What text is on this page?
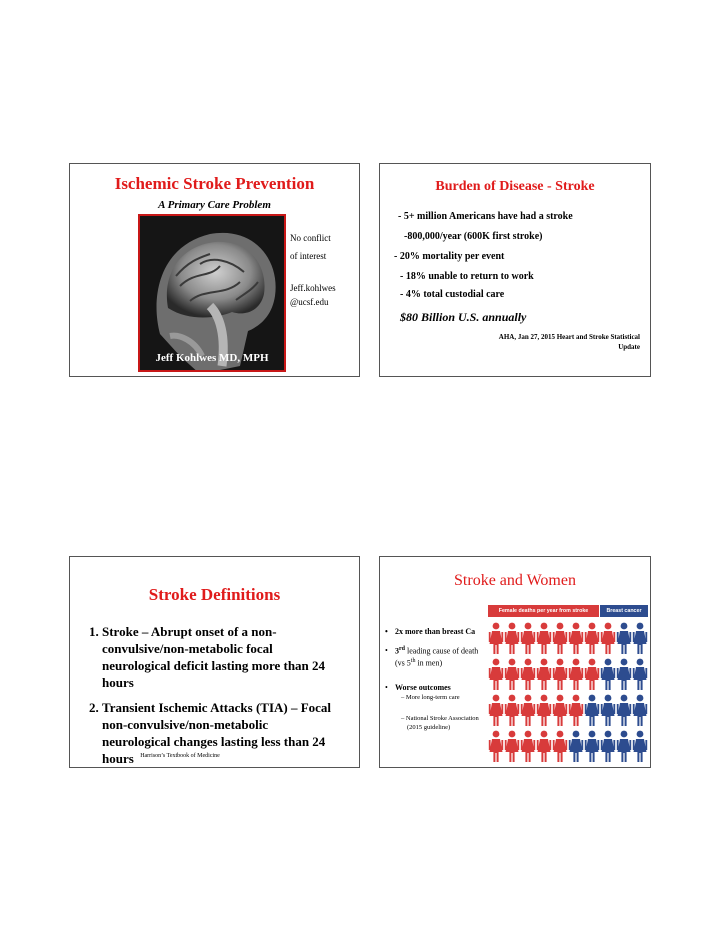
Ischemic Stroke Prevention
A Primary Care Problem
Jeff Kohlwes MD, MPH
No conflict
of interest
Jeff.kohlwes
@ucsf.edu
Burden of Disease - Stroke
- 5+ million Americans have had a stroke
-800,000/year (600K first stroke)
- 20% mortality per event
- 18% unable to return to work
- 4% total custodial care
$80 Billion U.S. annually
AHA, Jan 27, 2015 Heart and Stroke Statistical
Update
Stroke Definitions
1. Stroke – Abrupt onset of a non-convulsive/non-metabolic focal neurological deficit lasting more than 24 hours
2. Transient Ischemic Attacks (TIA) – Focal non-convulsive/non-metabolic neurological changes lasting less than 24 hours	Harrison’s Textbook of Medicine
Stroke and Women
• 2x more than breast Ca
• 3rd leading cause of death
(vs 5th in men)
• Worse outcomes
– More long-term care
– National Stroke Association
(2015 guideline)
Female deaths per year from stroke	Breast cancer
